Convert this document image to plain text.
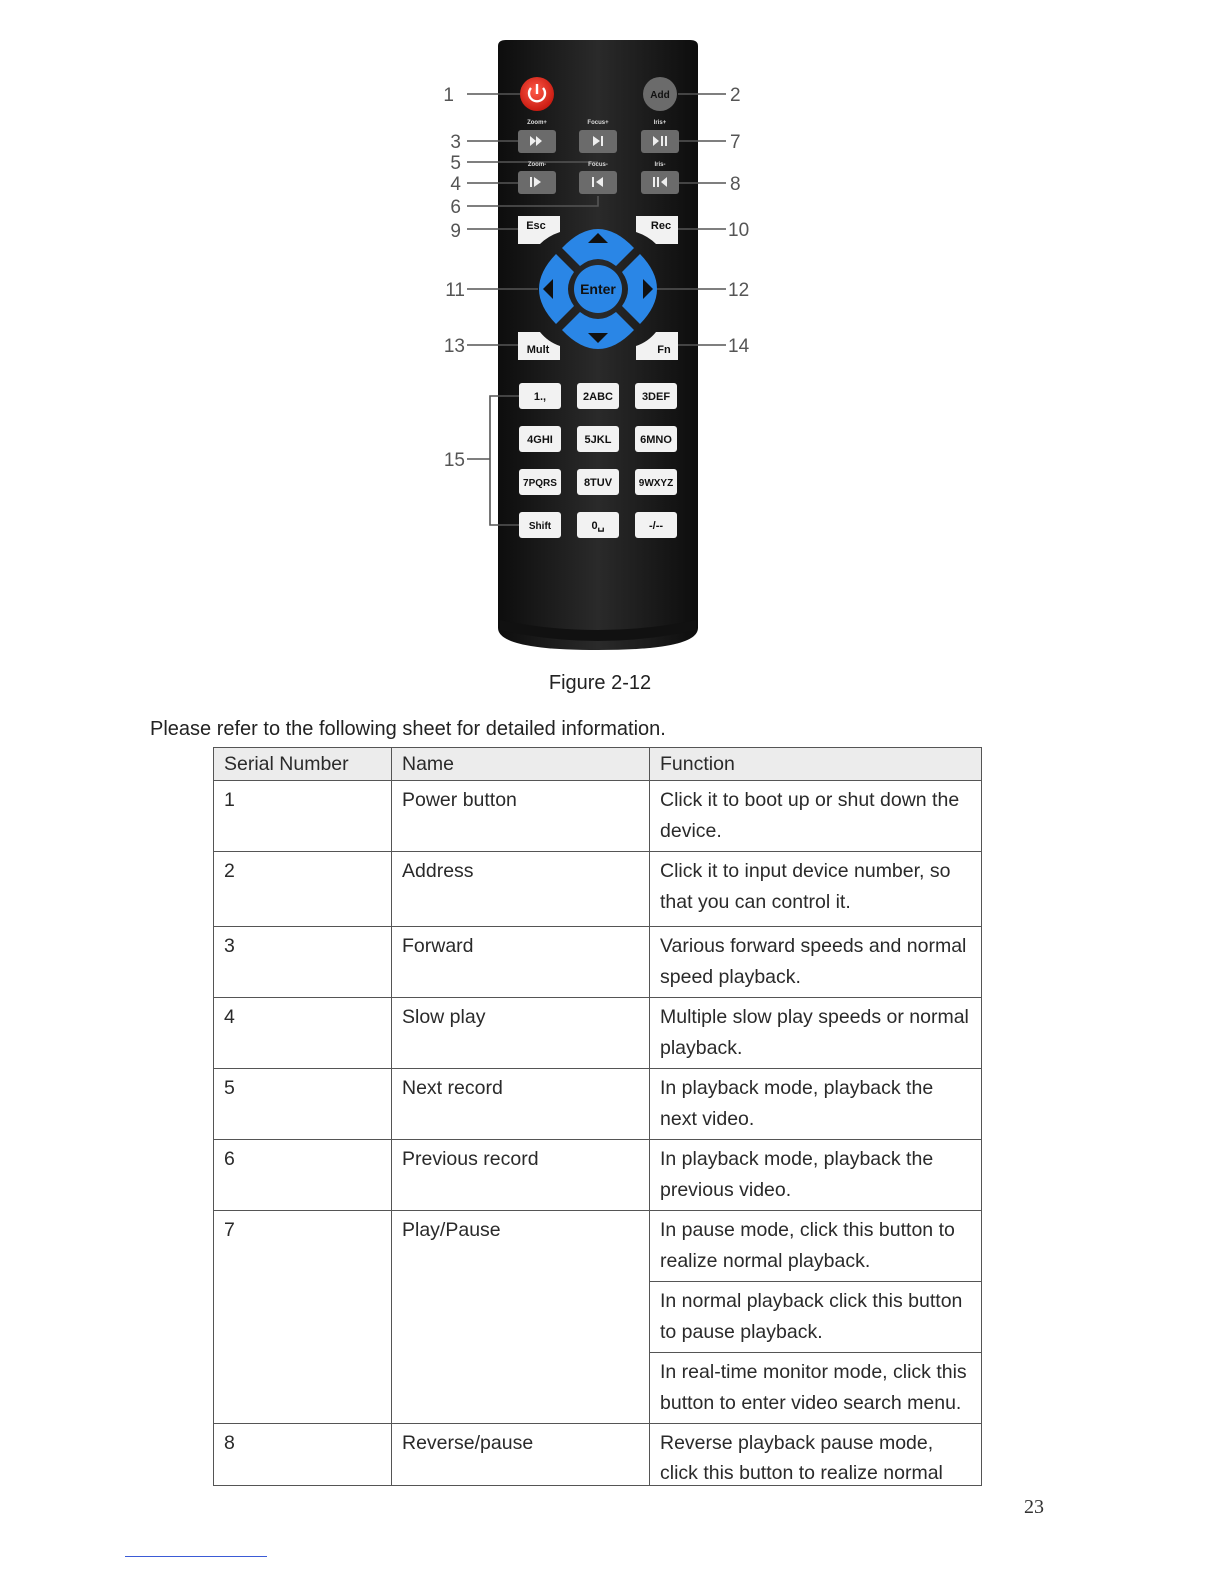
1	2
3
4
5
6
7
8
9	10
11	12
13	14
15
Add
Zoom+	Focus+	Iris+
Zoom-	Focus-	Iris-
Esc	Rec
Mult	Fn
Enter
1.,	2ABC	3DEF
4GHI	5JKL	6MNO
7PQRS 8TUV	9WXYZ
Shift	0␣	-/--
Figure 2-12
Please refer to the following sheet for detailed information.
Serial Number	Name	Function
1	Power button	Click it to boot up or shut down the device.
2	Address	Click it to input device number, so that you can control it.
3	Forward	Various forward speeds and normal speed playback.
4	Slow play	Multiple slow play speeds or normal playback.
5	Next record	In playback mode, playback the next video.
6	Previous record	In playback mode, playback the previous video.
7	Play/Pause	In pause mode, click this button to realize normal playback.
		In normal playback click this button to pause playback.
		In real-time monitor mode, click this button to enter video search menu.
8	Reverse/pause	Reverse playback pause mode,
click this button to realize normal
23
